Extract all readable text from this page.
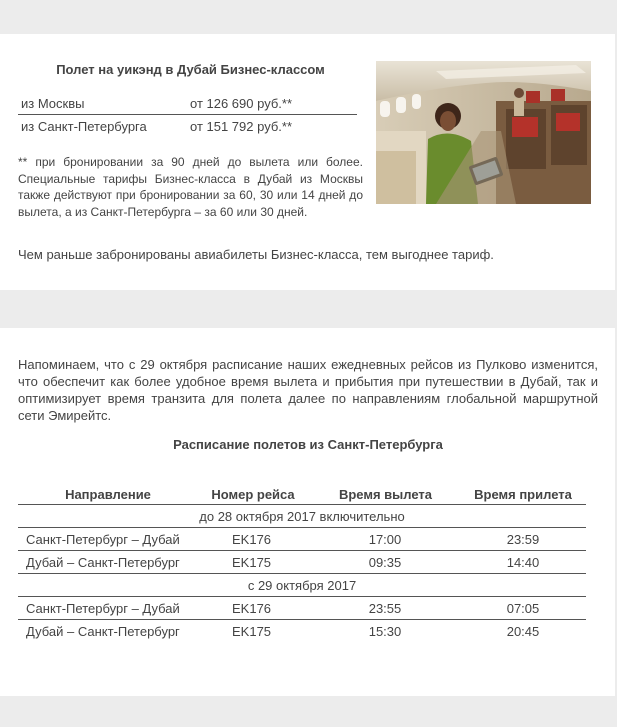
Полет на уикэнд в Дубай Бизнес-классом
из Москвы	от 126 690 руб.**
из Санкт-Петербурга	от 151 792 руб.**
** при бронировании за 90 дней до вылета или более. Специальные тарифы Бизнес-класса в Дубай из Москвы также действуют при бронировании за 60, 30 или 14 дней до вылета, а из Санкт-Петербурга – за 60 или 30 дней.
Чем раньше забронированы авиабилеты Бизнес-класса, тем выгоднее тариф.
Напоминаем, что с 29 октября расписание наших ежедневных рейсов из Пулково изменится, что обеспечит как более удобное время вылета и прибытия при путешествии в Дубай, так и оптимизирует время транзита для полета далее по направлениям глобальной маршрутной сети Эмирейтс.
Расписание полетов из Санкт-Петербурга
Направление	Номер рейса	Время вылета	Время прилета
до 28 октября 2017 включительно
Санкт-Петербург – Дубай	EK176	17:00	23:59
Дубай – Санкт-Петербург	EK175	09:35	14:40
с 29 октября 2017
Санкт-Петербург – Дубай	EK176	23:55	07:05
Дубай – Санкт-Петербург	EK175	15:30	20:45
